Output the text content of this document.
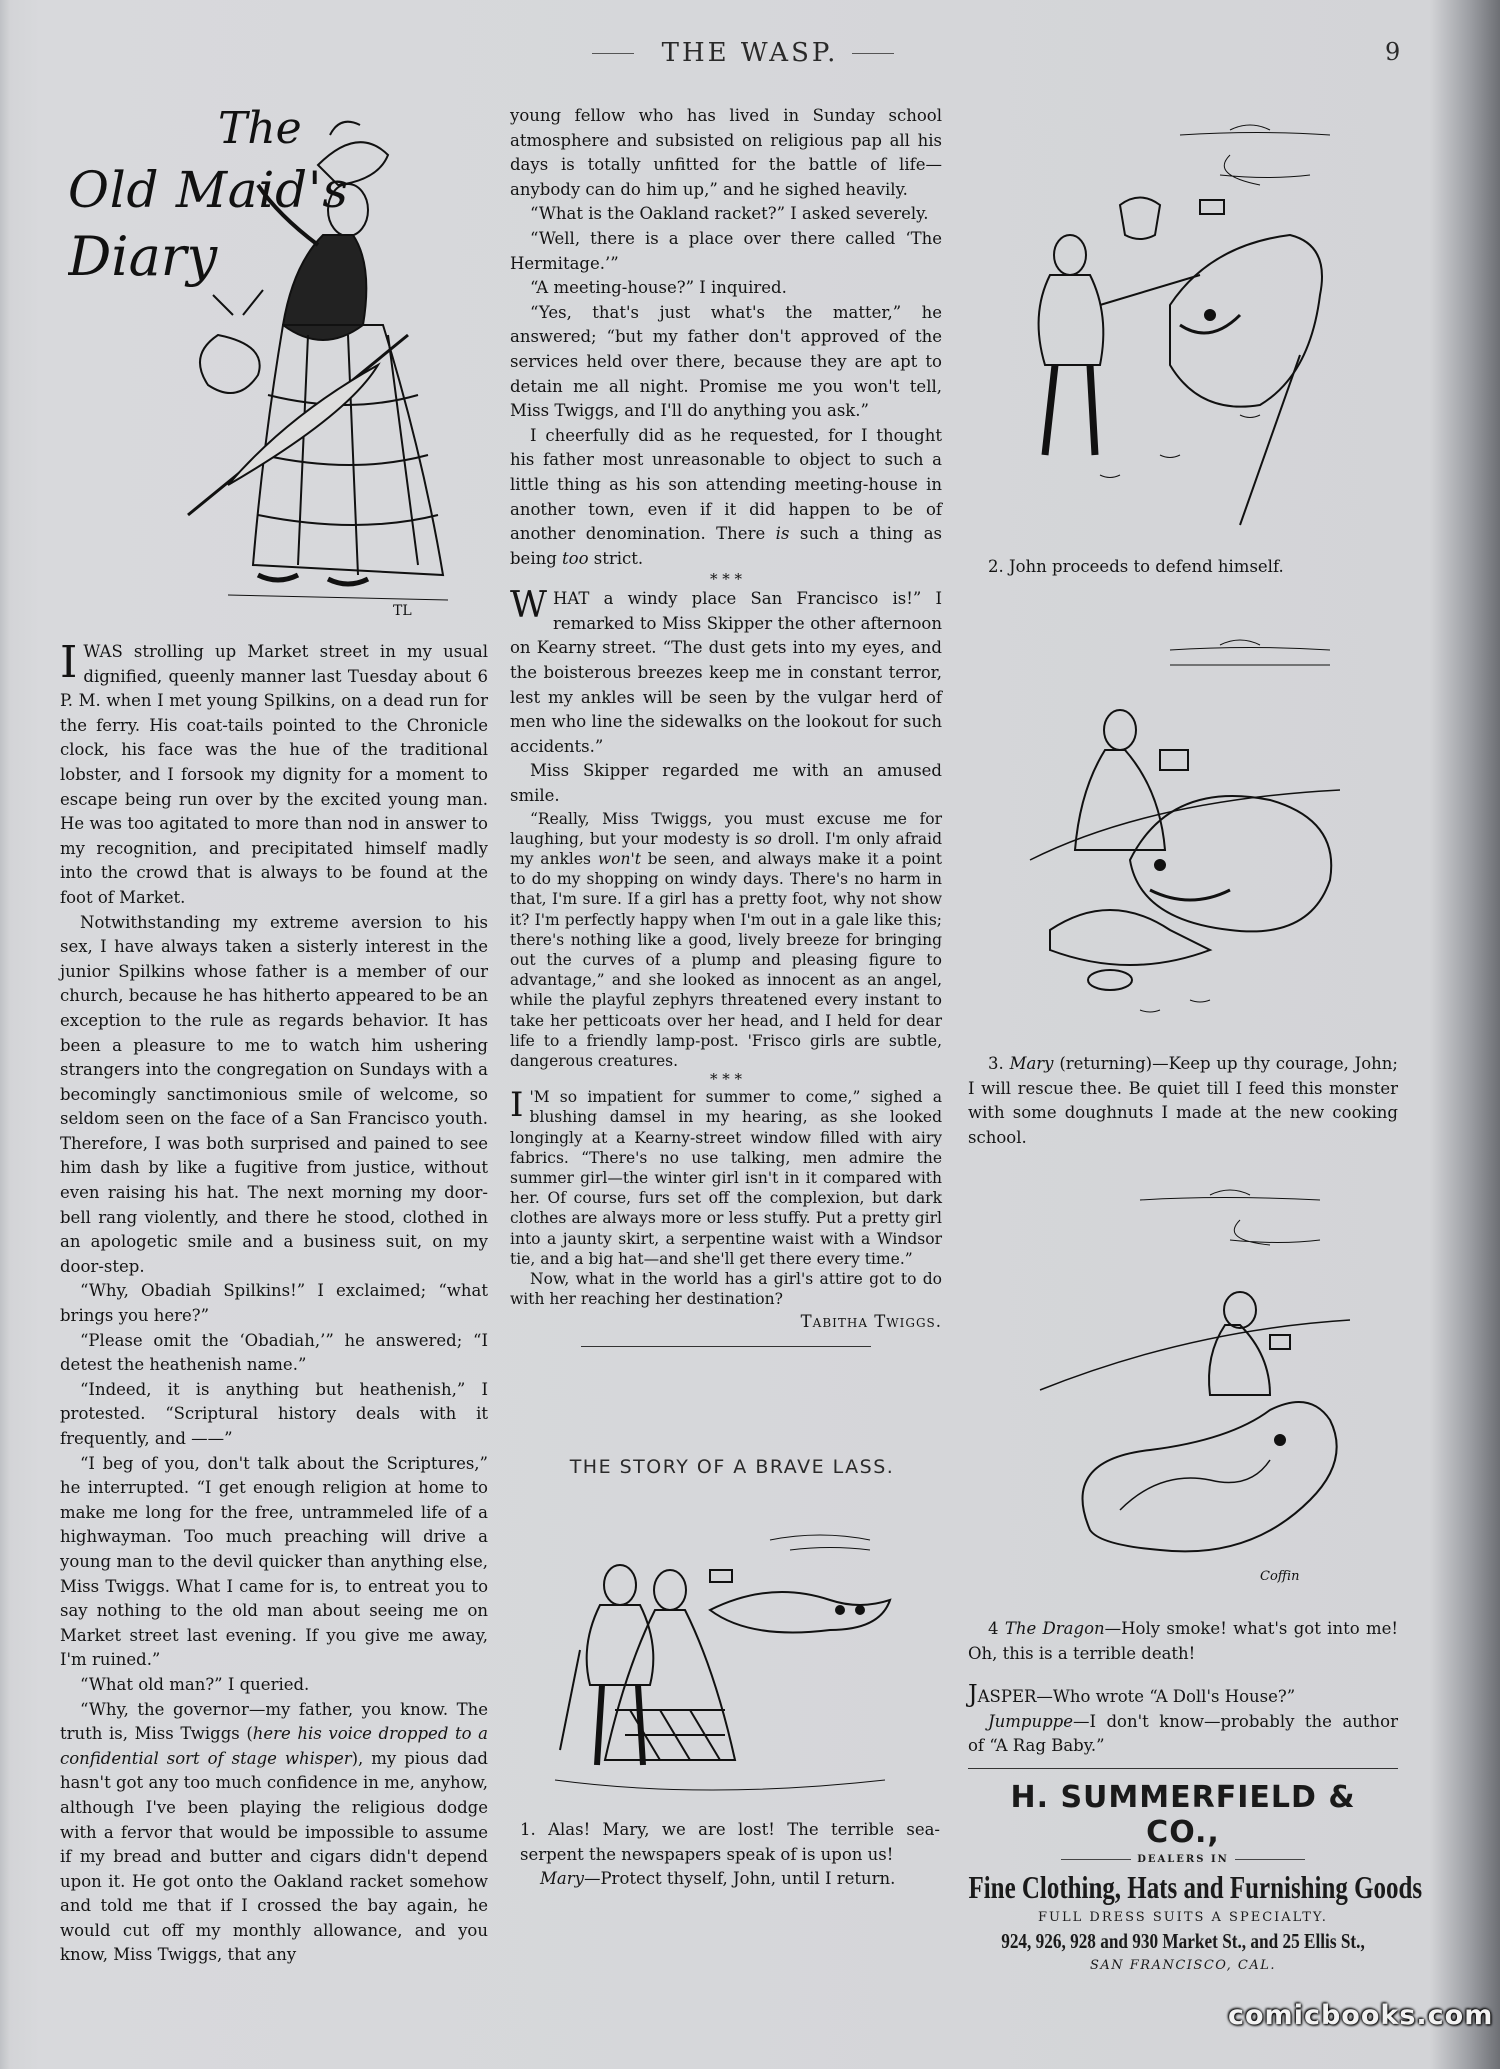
THE WASP.	9
The
Old Maid's
Diary
TL

IWAS strolling up Market street in my usual dignified, queenly manner last Tuesday about 6 P. M. when I met young Spilkins, on a dead run for the ferry. His coat-tails pointed to the Chronicle clock, his face was the hue of the traditional lobster, and I forsook my dignity for a moment to escape being run over by the excited young man. He was too agitated to more than nod in answer to my recognition, and precipitated himself madly into the crowd that is always to be found at the foot of Market.

Notwithstanding my extreme aversion to his sex, I have always taken a sisterly interest in the junior Spilkins whose father is a member of our church, because he has hitherto appeared to be an exception to the rule as regards behavior. It has been a pleasure to me to watch him ushering strangers into the congregation on Sundays with a becomingly sanctimonious smile of welcome, so seldom seen on the face of a San Francisco youth. Therefore, I was both surprised and pained to see him dash by like a fugitive from justice, without even raising his hat. The next morning my door-bell rang violently, and there he stood, clothed in an apologetic smile and a business suit, on my door-step.

“Why, Obadiah Spilkins!” I exclaimed; “what brings you here?”

“Please omit the ‘Obadiah,’” he answered; “I detest the heathenish name.”

“Indeed, it is anything but heathenish,” I protested. “Scriptural history deals with it frequently, and ——”

“I beg of you, don't talk about the Scriptures,” he interrupted. “I get enough religion at home to make me long for the free, untrammeled life of a highwayman. Too much preaching will drive a young man to the devil quicker than anything else, Miss Twiggs. What I came for is, to entreat you to say nothing to the old man about seeing me on Market street last evening. If you give me away, I'm ruined.”

“What old man?” I queried.

“Why, the governor—my father, you know. The truth is, Miss Twiggs (here his voice dropped to a confidential sort of stage whisper), my pious dad hasn't got any too much confidence in me, anyhow, although I've been playing the religious dodge with a fervor that would be impossible to assume if my bread and butter and cigars didn't depend upon it. He got onto the Oakland racket somehow and told me that if I crossed the bay again, he would cut off my monthly allowance, and you know, Miss Twiggs, that any

young fellow who has lived in Sunday school atmosphere and subsisted on religious pap all his days is totally unfitted for the battle of life—anybody can do him up,” and he sighed heavily.

“What is the Oakland racket?” I asked severely.

“Well, there is a place over there called ‘The Hermitage.’”

“A meeting-house?” I inquired.

“Yes, that's just what's the matter,” he answered; “but my father don't approved of the services held over there, because they are apt to detain me all night. Promise me you won't tell, Miss Twiggs, and I'll do anything you ask.”

I cheerfully did as he requested, for I thought his father most unreasonable to object to such a little thing as his son attending meeting-house in another town, even if it did happen to be of another denomination. There is such a thing as being too strict.

* * *

WHAT a windy place San Francisco is!” I remarked to Miss Skipper the other afternoon on Kearny street. “The dust gets into my eyes, and the boisterous breezes keep me in constant terror, lest my ankles will be seen by the vulgar herd of men who line the sidewalks on the lookout for such accidents.”

Miss Skipper regarded me with an amused smile.

“Really, Miss Twiggs, you must excuse me for laughing, but your modesty is so droll. I'm only afraid my ankles won't be seen, and always make it a point to do my shopping on windy days. There's no harm in that, I'm sure. If a girl has a pretty foot, why not show it? I'm perfectly happy when I'm out in a gale like this; there's nothing like a good, lively breeze for bringing out the curves of a plump and pleasing figure to advantage,” and she looked as innocent as an angel, while the playful zephyrs threatened every instant to take her petticoats over her head, and I held for dear life to a friendly lamp-post. 'Frisco girls are subtle, dangerous creatures.

* * *

I 'M so impatient for summer to come,” sighed a blushing damsel in my hearing, as she looked longingly at a Kearny-street window filled with airy fabrics. “There's no use talking, men admire the summer girl—the winter girl isn't in it compared with her. Of course, furs set off the complexion, but dark clothes are always more or less stuffy. Put a pretty girl into a jaunty skirt, a serpentine waist with a Windsor tie, and a big hat—and she'll get there every time.”

Now, what in the world has a girl's attire got to do with her reaching her destination?

Tabitha Twiggs.

THE STORY OF A BRAVE LASS.

1. Alas! Mary, we are lost! The terrible sea-serpent the newspapers speak of is upon us!

Mary—Protect thyself, John, until I return.

2. John proceeds to defend himself.

3. Mary (returning)—Keep up thy courage, John; I will rescue thee. Be quiet till I feed this monster with some doughnuts I made at the new cooking school.

Coffin

4 The Dragon—Holy smoke! what's got into me! Oh, this is a terrible death!

JASPER—Who wrote “A Doll's House?”

Jumpuppe—I don't know—probably the author of “A Rag Baby.”

H. SUMMERFIELD & CO.,
DEALERS IN
Fine Clothing, Hats and Furnishing Goods
FULL DRESS SUITS A SPECIALTY.
924, 926, 928 and 930 Market St., and 25 Ellis St.,
SAN FRANCISCO, CAL.
comicbooks.com
